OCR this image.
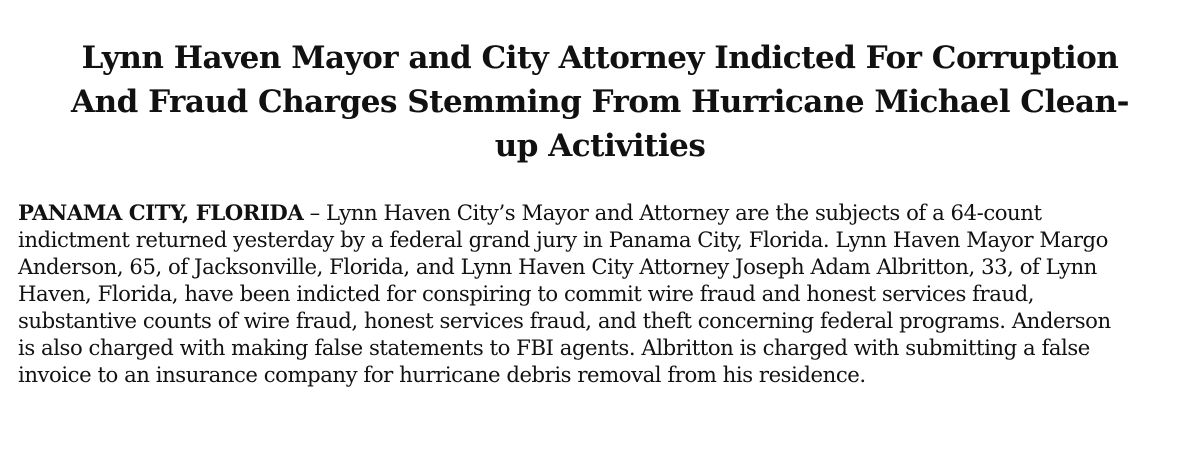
Lynn Haven Mayor and City Attorney Indicted For Corruption
And Fraud Charges Stemming From Hurricane Michael Clean-
up Activities

PANAMA CITY, FLORIDA – Lynn Haven City’s Mayor and Attorney are the subjects of a 64-count
indictment returned yesterday by a federal grand jury in Panama City, Florida. Lynn Haven Mayor Margo
Anderson, 65, of Jacksonville, Florida, and Lynn Haven City Attorney Joseph Adam Albritton, 33, of Lynn
Haven, Florida, have been indicted for conspiring to commit wire fraud and honest services fraud,
substantive counts of wire fraud, honest services fraud, and theft concerning federal programs. Anderson
is also charged with making false statements to FBI agents. Albritton is charged with submitting a false
invoice to an insurance company for hurricane debris removal from his residence.
